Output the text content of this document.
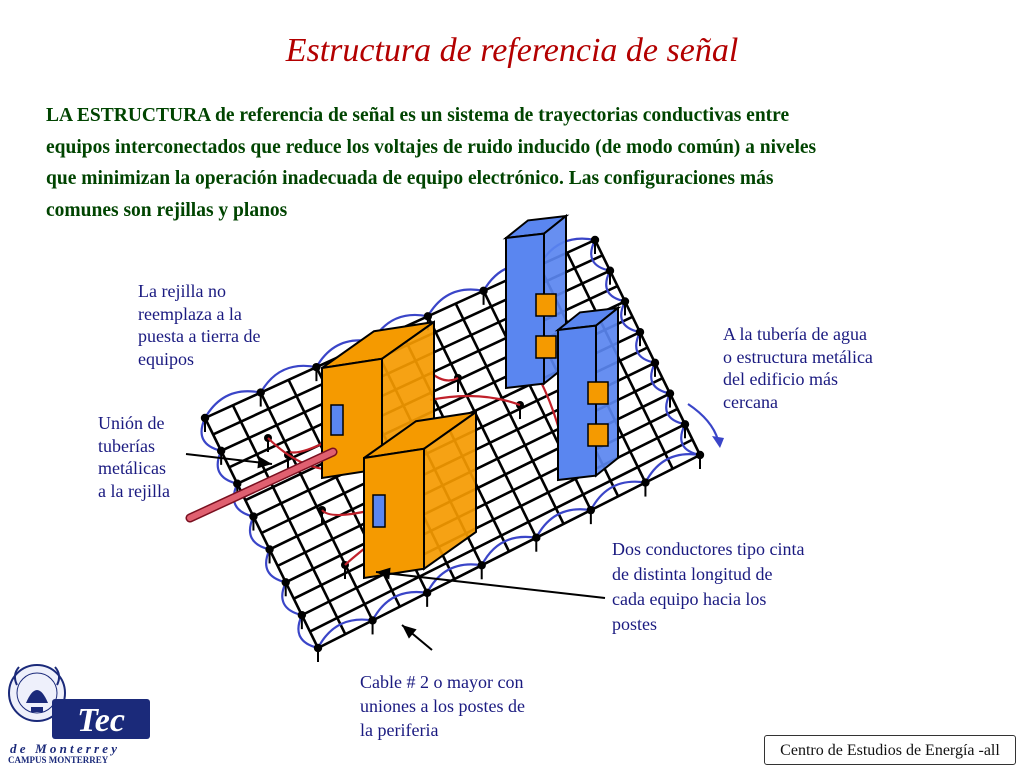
Estructura de referencia de señal

LA ESTRUCTURA de referencia de señal es un sistema de trayectorias conductivas entre

equipos interconectados que reduce los voltajes de ruido inducido (de modo común) a niveles

que minimizan la operación inadecuada de equipo electrónico. Las configuraciones más

comunes son rejillas y planos

La rejilla no
reemplaza a la
puesta a tierra de
equipos
Unión de
tuberías
metálicas
a la rejilla
A la tubería de agua
o estructura metálica
del edificio más
cercana
Dos conductores tipo cinta
de distinta longitud de
cada equipo hacia los
postes
Cable # 2 o mayor con
uniones a los postes de
la periferia
Tec
de Monterrey
CAMPUS MONTERREY
Centro de Estudios de Energía -all
